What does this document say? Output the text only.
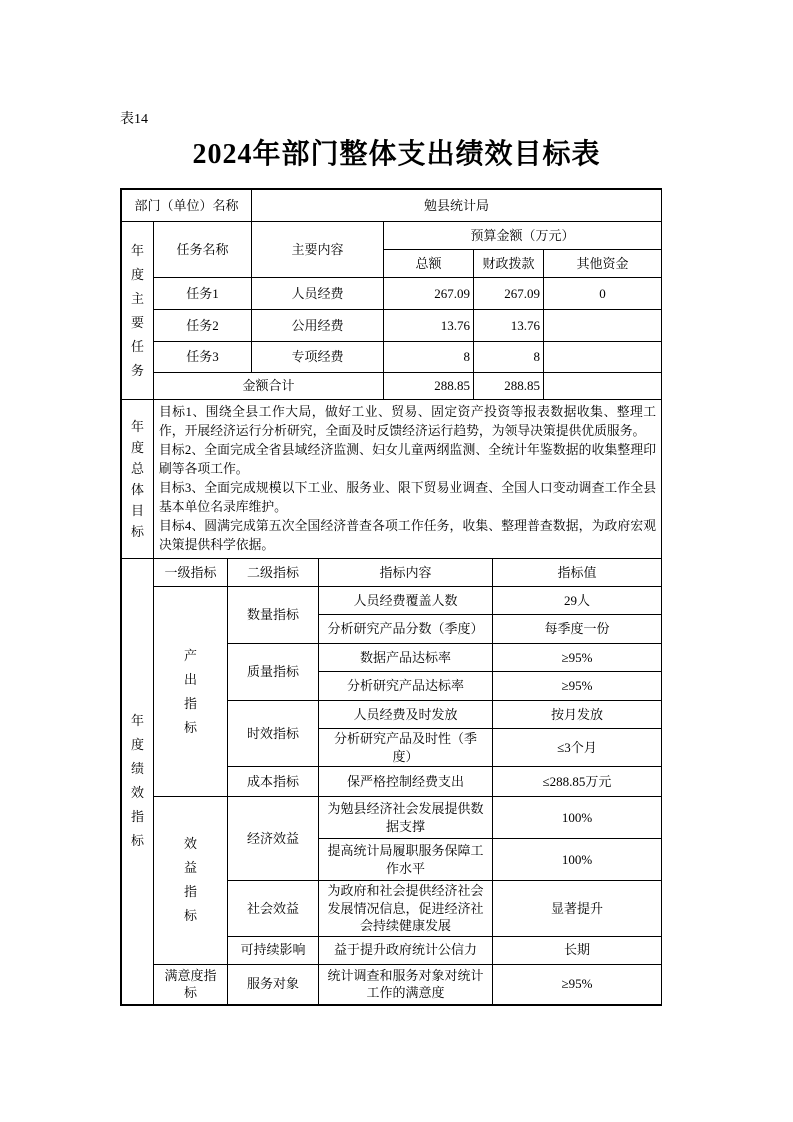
表14
2024年部门整体支出绩效目标表
部门（单位）名称		勉县统计局			

年度主要任务	任务名称	主要内容	预算金额（万元）		
			总额	财政拨款	其他资金
	任务1	人员经费	267.09	267.09	0
	任务2	公用经费	13.76	13.76	
	任务3	专项经费	8	8	
	金额合计		288.85	288.85	

年度总体目标	目标1、围绕全县工作大局，做好工业、贸易、固定资产投资等报表数据收集、整理工作，开展经济运行分析研究，全面及时反馈经济运行趋势，为领导决策提供优质服务。

目标2、全面完成全省县域经济监测、妇女儿童两纲监测、全统计年鉴数据的收集整理印刷等各项工作。

目标3、全面完成规模以下工业、服务业、限下贸易业调查、全国人口变动调查工作全县基本单位名录库维护。

目标4、圆满完成第五次全国经济普查各项工作任务，收集、整理普查数据，为政府宏观决策提供科学依据。				

年度绩效指标	一级指标	二级指标	指标内容	指标值

	产出指标	数量指标	人员经费覆盖人数	29人
			分析研究产品分数（季度）	每季度一份
		质量指标	数据产品达标率	≥95%
			分析研究产品达标率	≥95%
		时效指标	人员经费及时发放	按月发放
			分析研究产品及时性（季度）	≤3个月
		成本指标	保严格控制经费支出	≤288.85万元

	效益指标	经济效益	为勉县经济社会发展提供数据支撑	100%
			提高统计局履职服务保障工作水平	100%
		社会效益	为政府和社会提供经济社会发展情况信息，促进经济社会持续健康发展	显著提升
		可持续影响	益于提升政府统计公信力	长期

	满意度指标	服务对象	统计调查和服务对象对统计工作的满意度	≥95%
